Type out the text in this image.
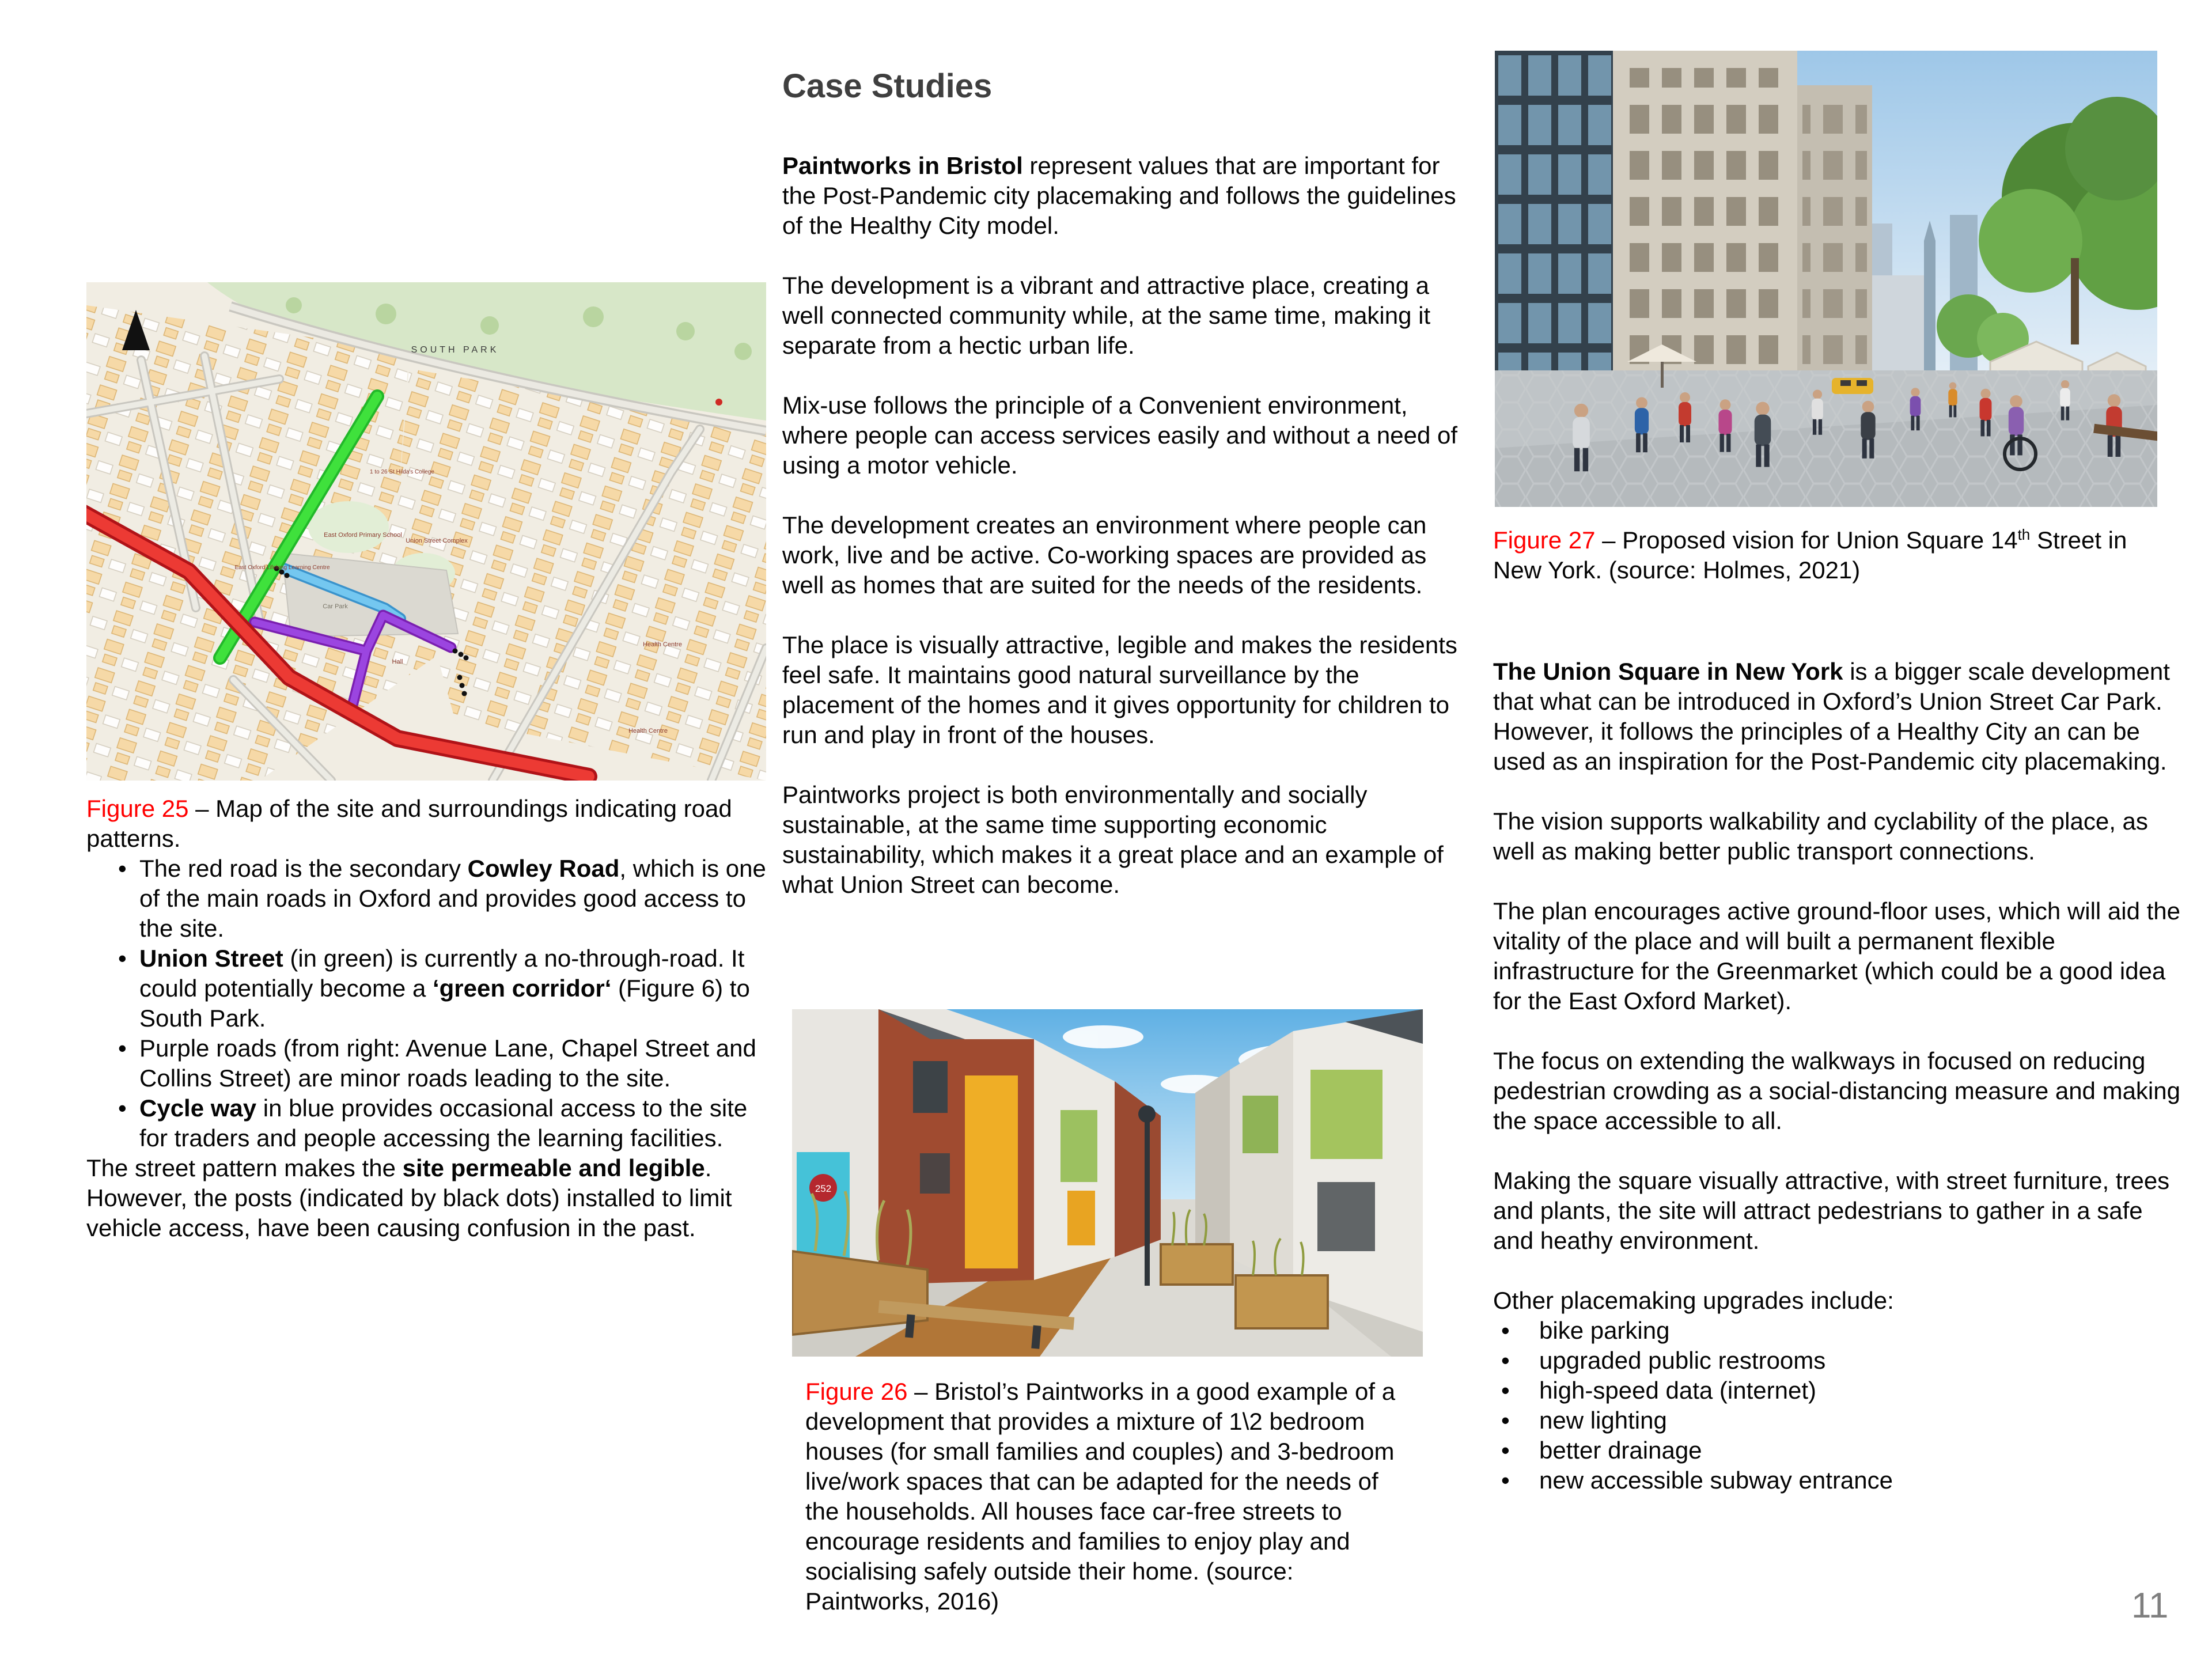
SOUTH PARK
East Oxford Primary School
East Oxford Lifelong Learning Centre
Union Street Complex
1 to 26 St Hilda's College
Car Park
Hall
Health Centre
Health Centre

Figure 25 – Map of the site and surroundings indicating road patterns.

• The red road is the secondary Cowley Road, which is one of the main roads in Oxford and provides good access to the site.
• Union Street (in green) is currently a no-through-road. It could potentially become a ‘green corridor‘ (Figure 6) to South Park.
• Purple roads (from right: Avenue Lane, Chapel Street and Collins Street) are minor roads leading to the site.
• Cycle way in blue provides occasional access to the site for traders and people accessing the learning facilities.

The street pattern makes the site permeable and legible. However, the posts (indicated by black dots) installed to limit vehicle access, have been causing confusion in the past.

Case Studies

Paintworks in Bristol represent values that are important for the Post-Pandemic city placemaking and follows the guidelines of the Healthy City model.

The development is a vibrant and attractive place, creating a well connected community while, at the same time, making it separate from a hectic urban life.

Mix-use follows the principle of a Convenient environment, where people can access services easily and without a need of using a motor vehicle.

The development creates an environment where people can work, live and be active. Co-working spaces are provided as well as homes that are suited for the needs of the residents.

The place is visually attractive, legible and makes the residents feel safe. It maintains good natural surveillance by the placement of the homes and it gives opportunity for children to run and play in front of the houses.

Paintworks project is both environmentally and socially sustainable, at the same time supporting economic sustainability, which makes it a great place and an example of what Union Street can become.

252

Figure 26 – Bristol’s Paintworks in a good example of a development that provides a mixture of 1\2 bedroom houses (for small families and couples) and 3-bedroom live/work spaces that can be adapted for the needs of the households. All houses face car-free streets to encourage residents and families to enjoy play and socialising safely outside their home. (source: Paintworks, 2016)

Figure 27 – Proposed vision for Union Square 14th Street in New York. (source: Holmes, 2021)

The Union Square in New York is a bigger scale development that what can be introduced in Oxford’s Union Street Car Park. However, it follows the principles of a Healthy City an can be used as an inspiration for the Post-Pandemic city placemaking.

The vision supports walkability and cyclability of the place, as well as making better public transport connections.

The plan encourages active ground-floor uses, which will aid the vitality of the place and will built a permanent flexible infrastructure for the Greenmarket (which could be a good idea for the East Oxford Market).

The focus on extending the walkways in focused on reducing pedestrian crowding as a social-distancing measure and making the space accessible to all.

Making the square visually attractive, with street furniture, trees and plants, the site will attract pedestrians to gather in a safe and heathy environment.

Other placemaking upgrades include:

• bike parking
• upgraded public restrooms
• high-speed data (internet)
• new lighting
• better drainage
• new accessible subway entrance
11
